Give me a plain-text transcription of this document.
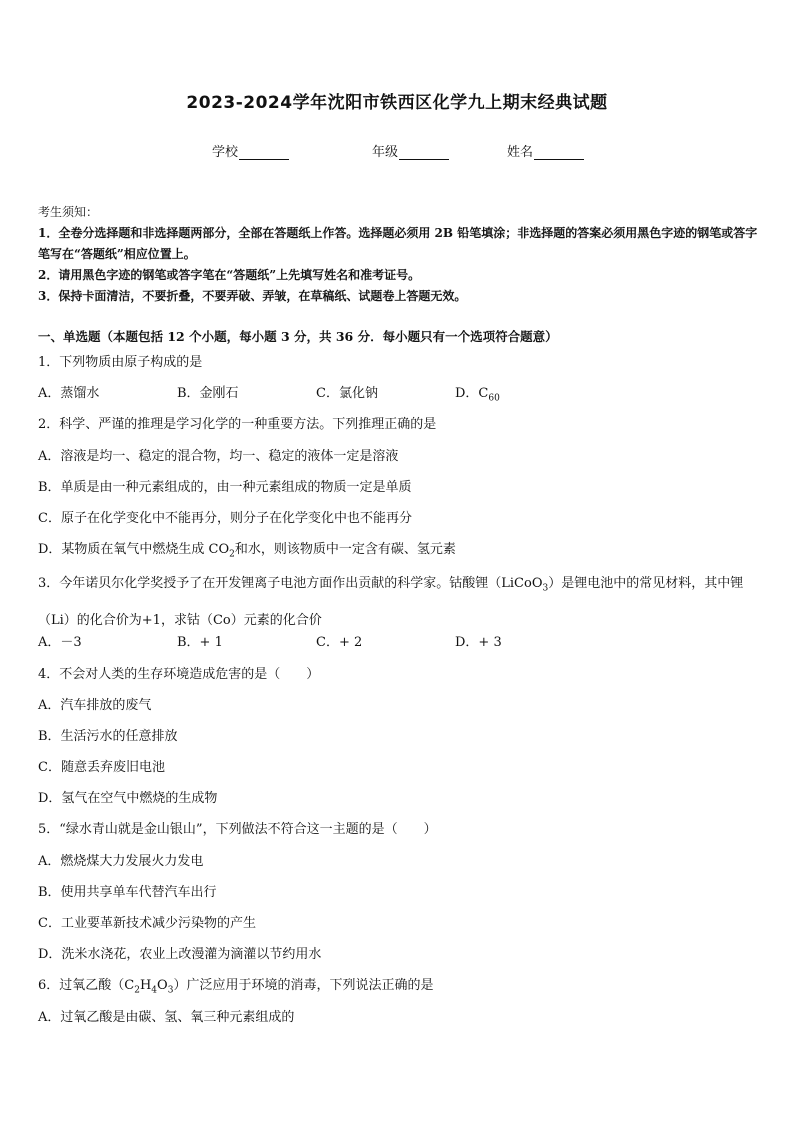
2023-2024学年沈阳市铁西区化学九上期末经典试题
学校	年级	姓名
考生须知：
1．全卷分选择题和非选择题两部分，全部在答题纸上作答。选择题必须用 2B 铅笔填涂；非选择题的答案必须用黑色字迹的钢笔或答字笔写在“答题纸”相应位置上。
2．请用黑色字迹的钢笔或答字笔在“答题纸”上先填写姓名和准考证号。
3．保持卡面清洁，不要折叠，不要弄破、弄皱，在草稿纸、试题卷上答题无效。
一、单选题（本题包括 12 个小题，每小题 3 分，共 36 分．每小题只有一个选项符合题意）
1．下列物质由原子构成的是
A．蒸馏水	B．金刚石	C．氯化钠	D．$C_{60}$
2．科学、严谨的推理是学习化学的一种重要方法。下列推理正确的是
A．溶液是均一、稳定的混合物，均一、稳定的液体一定是溶液
B．单质是由一种元素组成的，由一种元素组成的物质一定是单质
C．原子在化学变化中不能再分，则分子在化学变化中也不能再分
D．某物质在氧气中燃烧生成 $CO_2$和水，则该物质中一定含有碳、氢元素
3．今年诺贝尔化学奖授予了在开发锂离子电池方面作出贡献的科学家。钴酸锂（LiCoO$_3$）是锂电池中的常见材料，其中锂（Li）的化合价为+1，求钴（Co）元素的化合价
A．－3	B．+ 1	C．+ 2	D．+ 3
4．不会对人类的生存环境造成危害的是（　　）
A．汽车排放的废气
B．生活污水的任意排放
C．随意丢弃废旧电池
D．氢气在空气中燃烧的生成物
5．“绿水青山就是金山银山”，下列做法不符合这一主题的是（　　）
A．燃烧煤大力发展火力发电
B．使用共享单车代替汽车出行
C．工业要革新技术减少污染物的产生
D．洗米水浇花，农业上改漫灌为滴灌以节约用水
6．过氧乙酸$(C_2H_4O_3)$广泛应用于环境的消毒，下列说法正确的是
A．过氧乙酸是由碳、氢、氧三种元素组成的
